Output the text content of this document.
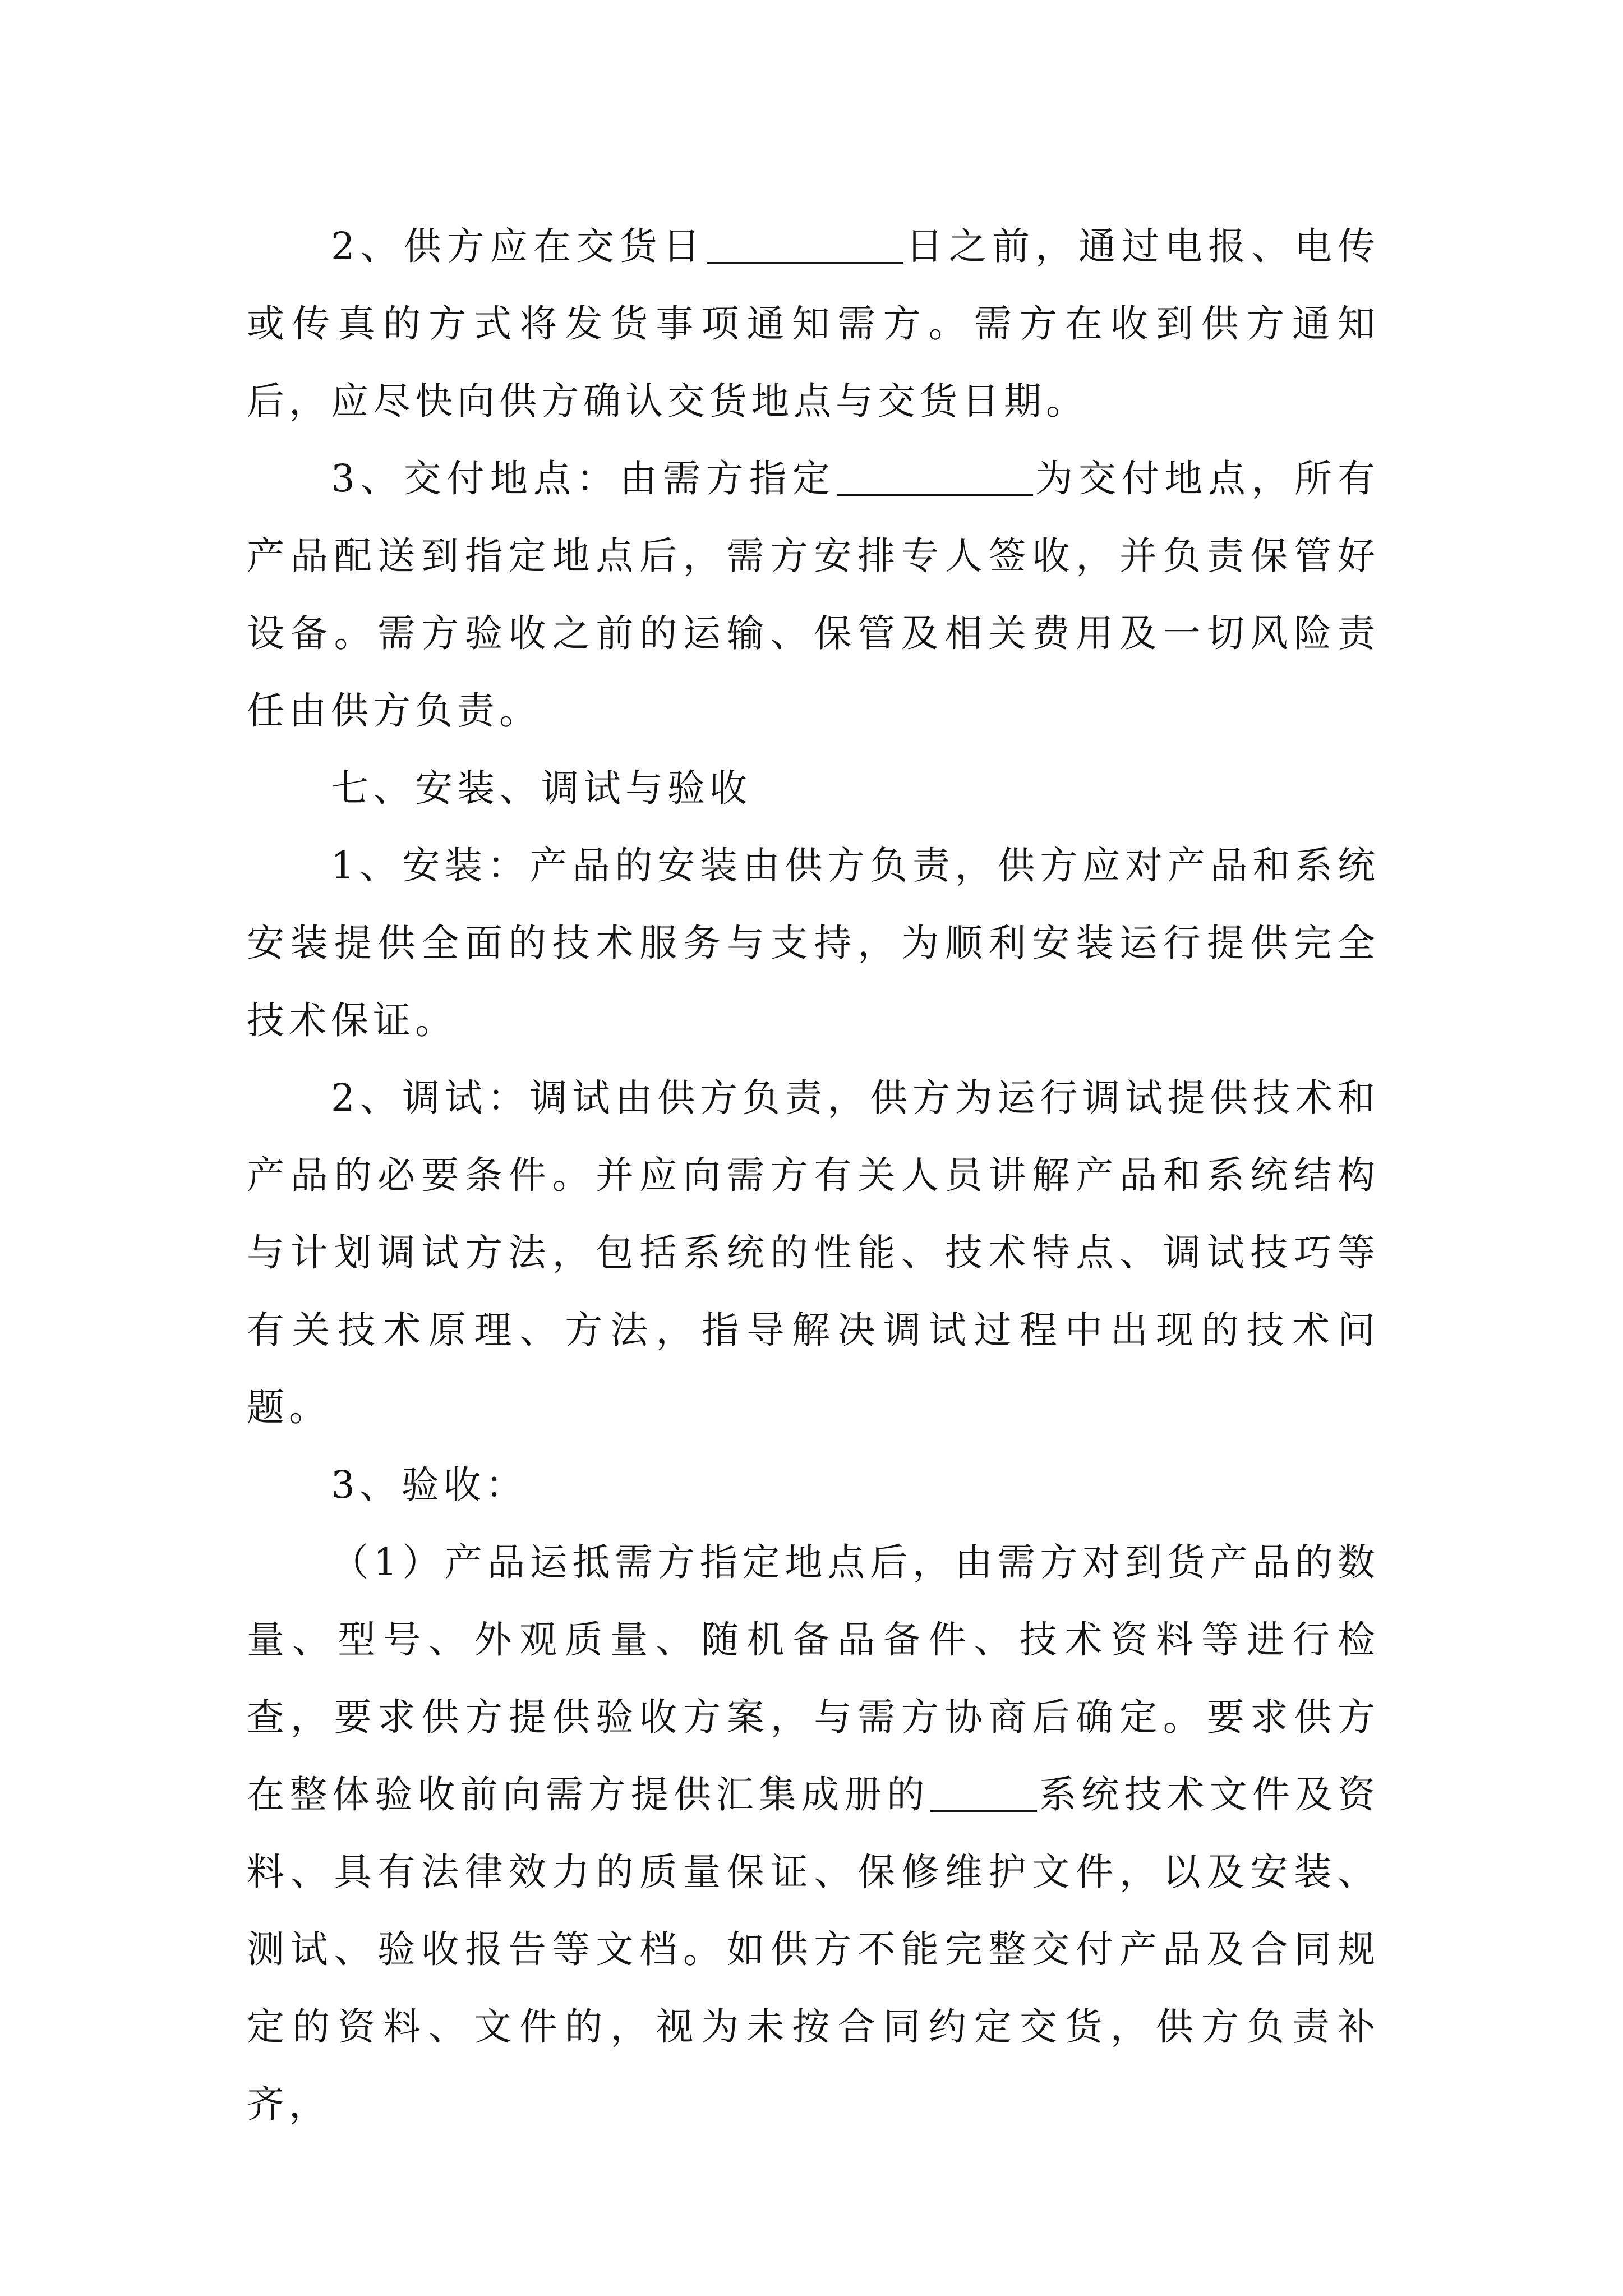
2、供方应在交货日	日之前，通过电报、电传或传真的方式将发货事项通知需方。需方在收到供方通知后，应尽快向供方确认交货地点与交货日期。

3、交付地点：由需方指定	为交付地点，所有产品配送到指定地点后，需方安排专人签收，并负责保管好设备。需方验收之前的运输、保管及相关费用及一切风险责任由供方负责。

七、安装、调试与验收

1、安装：产品的安装由供方负责，供方应对产品和系统安装提供全面的技术服务与支持，为顺利安装运行提供完全技术保证。

2、调试：调试由供方负责，供方为运行调试提供技术和产品的必要条件。并应向需方有关人员讲解产品和系统结构与计划调试方法，包括系统的性能、技术特点、调试技巧等有关技术原理、方法，指导解决调试过程中出现的技术问题。

3、验收：

（1）产品运抵需方指定地点后，由需方对到货产品的数量、型号、外观质量、随机备品备件、技术资料等进行检查，要求供方提供验收方案，与需方协商后确定。要求供方在整体验收前向需方提供汇集成册的	系统技术文件及资料、具有法律效力的质量保证、保修维护文件，以及安装、测试、验收报告等文档。如供方不能完整交付产品及合同规定的资料、文件的，视为未按合同约定交货，供方负责补齐，
